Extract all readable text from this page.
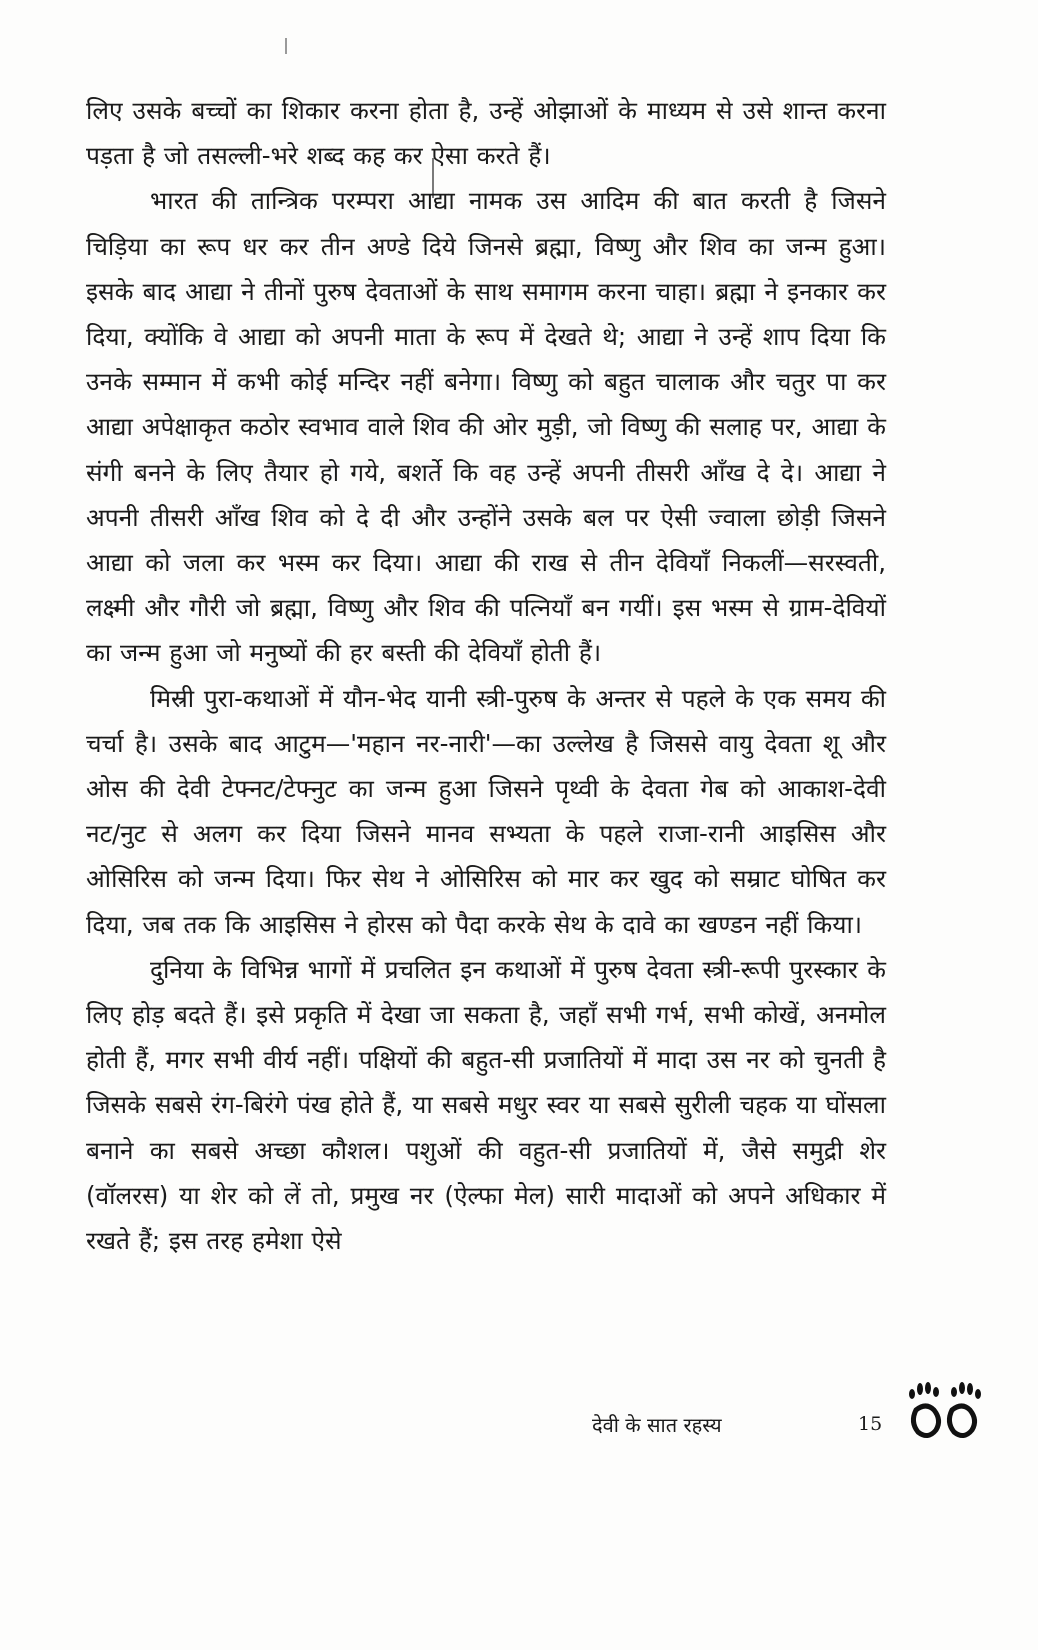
लिए उसके बच्चों का शिकार करना होता है, उन्हें ओझाओं के माध्यम से उसे शान्त करना पड़ता है जो तसल्ली-भरे शब्द कह कर ऐसा करते हैं।

भारत की तान्त्रिक परम्परा आद्या नामक उस आदिम की बात करती है जिसने चिड़िया का रूप धर कर तीन अण्डे दिये जिनसे ब्रह्मा, विष्णु और शिव का जन्म हुआ। इसके बाद आद्या ने तीनों पुरुष देवताओं के साथ समागम करना चाहा। ब्रह्मा ने इनकार कर दिया, क्योंकि वे आद्या को अपनी माता के रूप में देखते थे; आद्या ने उन्हें शाप दिया कि उनके सम्मान में कभी कोई मन्दिर नहीं बनेगा। विष्णु को बहुत चालाक और चतुर पा कर आद्या अपेक्षाकृत कठोर स्वभाव वाले शिव की ओर मुड़ी, जो विष्णु की सलाह पर, आद्या के संगी बनने के लिए तैयार हो गये, बशर्ते कि वह उन्हें अपनी तीसरी आँख दे दे। आद्या ने अपनी तीसरी आँख शिव को दे दी और उन्होंने उसके बल पर ऐसी ज्वाला छोड़ी जिसने आद्या को जला कर भस्म कर दिया। आद्या की राख से तीन देवियाँ निकलीं—सरस्वती, लक्ष्मी और गौरी जो ब्रह्मा, विष्णु और शिव की पत्नियाँ बन गयीं। इस भस्म से ग्राम-देवियों का जन्म हुआ जो मनुष्यों की हर बस्ती की देवियाँ होती हैं।

मिस्री पुरा-कथाओं में यौन-भेद यानी स्त्री-पुरुष के अन्तर से पहले के एक समय की चर्चा है। उसके बाद आटुम—'महान नर-नारी'—का उल्लेख है जिससे वायु देवता शू और ओस की देवी टेफ्नट/टेफ्नुट का जन्म हुआ जिसने पृथ्वी के देवता गेब को आकाश-देवी नट/नुट से अलग कर दिया जिसने मानव सभ्यता के पहले राजा-रानी आइसिस और ओसिरिस को जन्म दिया। फिर सेथ ने ओसिरिस को मार कर खुद को सम्राट घोषित कर दिया, जब तक कि आइसिस ने होरस को पैदा करके सेथ के दावे का खण्डन नहीं किया।

दुनिया के विभिन्न भागों में प्रचलित इन कथाओं में पुरुष देवता स्त्री-रूपी पुरस्कार के लिए होड़ बदते हैं। इसे प्रकृति में देखा जा सकता है, जहाँ सभी गर्भ, सभी कोखें, अनमोल होती हैं, मगर सभी वीर्य नहीं। पक्षियों की बहुत-सी प्रजातियों में मादा उस नर को चुनती है जिसके सबसे रंग-बिरंगे पंख होते हैं, या सबसे मधुर स्वर या सबसे सुरीली चहक या घोंसला बनाने का सबसे अच्छा कौशल। पशुओं की वहुत-सी प्रजातियों में, जैसे समुद्री शेर (वॉलरस) या शेर को लें तो, प्रमुख नर (ऐल्फा मेल) सारी मादाओं को अपने अधिकार में रखते हैं; इस तरह हमेशा ऐसे

देवी के सात रहस्य	15
